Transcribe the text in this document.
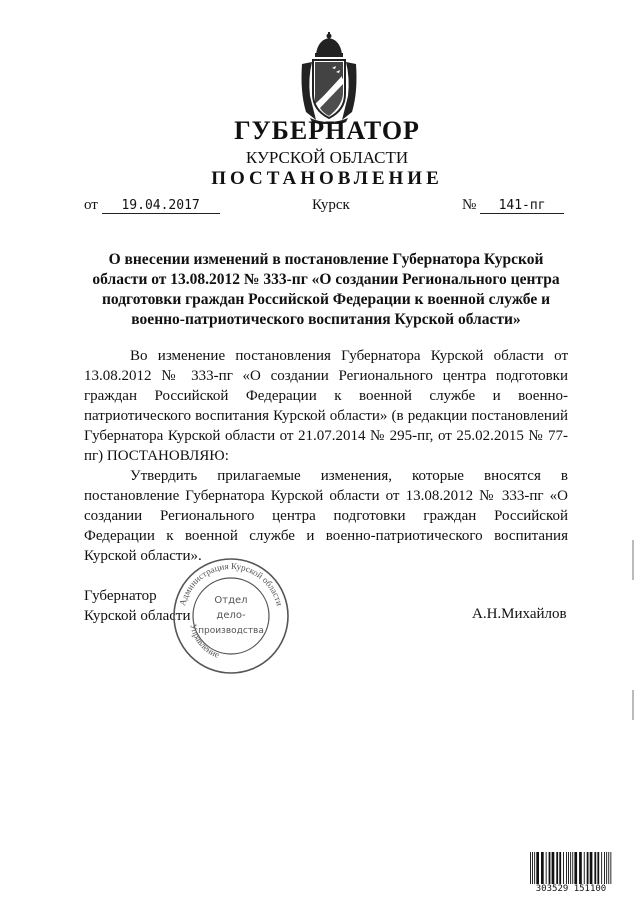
ГУБЕРНАТОР
КУРСКОЙ ОБЛАСТИ
ПОСТАНОВЛЕНИЕ
от 19.04.2017	Курск	№ 141-пг
О внесении изменений в постановление Губернатора Курской области от 13.08.2012 № 333-пг «О создании Регионального центра подготовки граждан Российской Федерации к военной службе и военно-патриотического воспитания Курской области»

Во изменение постановления Губернатора Курской области от 13.08.2012 № 333-пг «О создании Регионального центра подготовки граждан Российской Федерации к военной службе и военно-патриотического воспитания Курской области» (в редакции постановлений Губернатора Курской области от 21.07.2014 № 295-пг, от 25.02.2015 № 77-пг) ПОСТАНОВЛЯЮ:

Утвердить прилагаемые изменения, которые вносятся в постановление Губернатора Курской области от 13.08.2012 № 333-пг «О создании Регионального центра подготовки граждан Российской Федерации к военной службе и военно-патриотического воспитания Курской области».

Губернатор
Курской области	А.Н.Михайлов
Администрация Курской области
Управление
Отдел
дело-
производства
303529 151100
